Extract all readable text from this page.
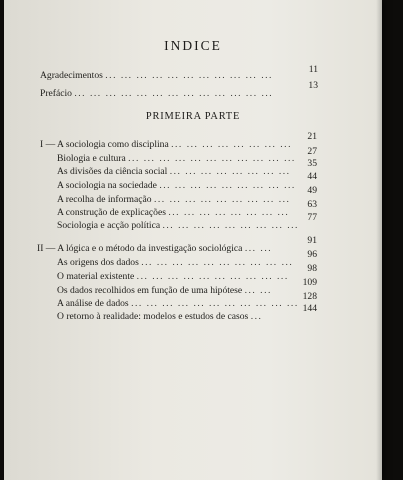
INDICE
Agradecimentos ... ... ... ... ... ... ... ... ... ... ...
11
Prefácio ... ... ... ... ... ... ... ... ... ... ... ... ...
13
PRIMEIRA PARTE
I — A sociologia como disciplina ... ... ... ... ... ... ... ...
21
Biologia e cultura ... ... ... ... ... ... ... ... ... ... ...
27
As divisões da ciência social ... ... ... ... ... ... ... ...
35
A sociologia na sociedade ... ... ... ... ... ... ... ... ...
44
A recolha de informação ... ... ... ... ... ... ... ... ...
49
A construção de explicações ... ... ... ... ... ... ... ...
63
Sociologia e acção política ... ... ... ... ... ... ... ... ...
77
II — A lógica e o método da investigação sociológica ... ...
91
As origens dos dados ... ... ... ... ... ... ... ... ... ...
96
O material existente ... ... ... ... ... ... ... ... ... ...
98
Os dados recolhidos em função de uma hipótese ... ...
109
A análise de dados ... ... ... ... ... ... ... ... ... ... ...
128
O retorno à realidade: modelos e estudos de casos ...
144
